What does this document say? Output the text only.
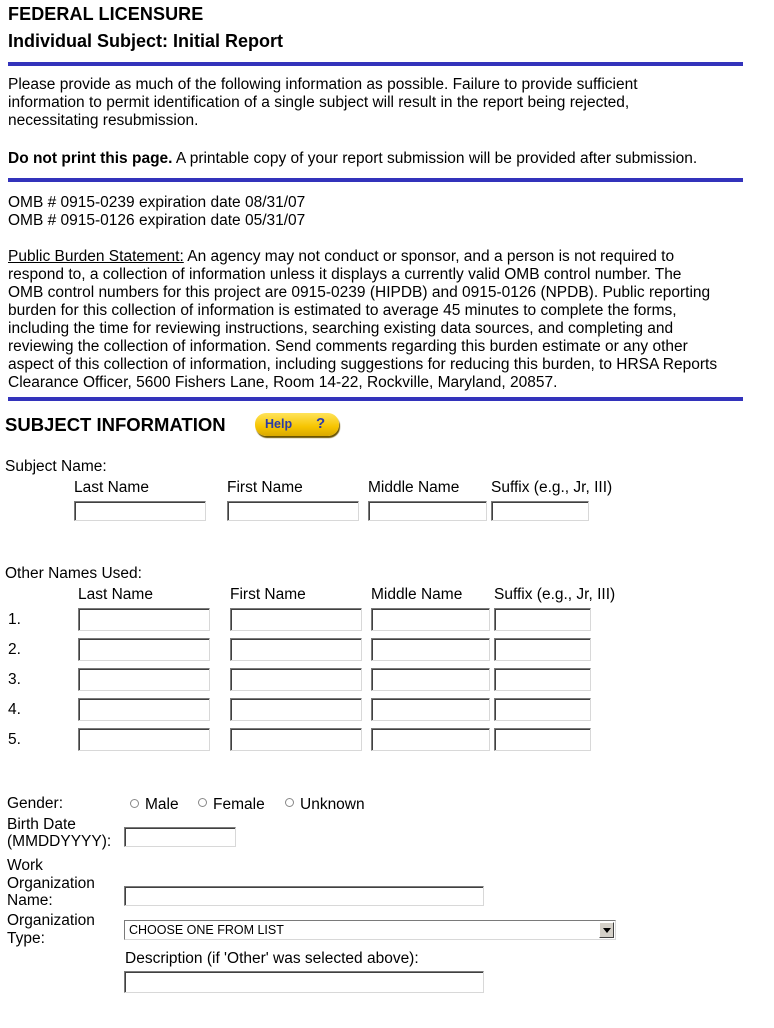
FEDERAL LICENSURE
Individual Subject: Initial Report
Please provide as much of the following information as possible. Failure to provide sufficient
information to permit identification of a single subject will result in the report being rejected,
necessitating resubmission.
Do not print this page. A printable copy of your report submission will be provided after submission.
OMB # 0915-0239 expiration date 08/31/07
OMB # 0915-0126 expiration date 05/31/07
Public Burden Statement: An agency may not conduct or sponsor, and a person is not required to
respond to, a collection of information unless it displays a currently valid OMB control number. The
OMB control numbers for this project are 0915-0239 (HIPDB) and 0915-0126 (NPDB). Public reporting
burden for this collection of information is estimated to average 45 minutes to complete the forms,
including the time for reviewing instructions, searching existing data sources, and completing and
reviewing the collection of information. Send comments regarding this burden estimate or any other
aspect of this collection of information, including suggestions for reducing this burden, to HRSA Reports
Clearance Officer, 5600 Fishers Lane, Room 14-22, Rockville, Maryland, 20857.
SUBJECT INFORMATION	Help ?
Subject Name:
Last Name	First Name	Middle Name Suffix (e.g., Jr, III)
Other Names Used:
Last Name	First Name	Middle Name Suffix (e.g., Jr, III)
1.
2.
3.
4.
5.
Gender:	Male Female Unknown
Birth Date
(MMDDYYYY):
Work
Organization
Name:
Organization
Type:	CHOOSE ONE FROM LIST
Description (if 'Other' was selected above):
